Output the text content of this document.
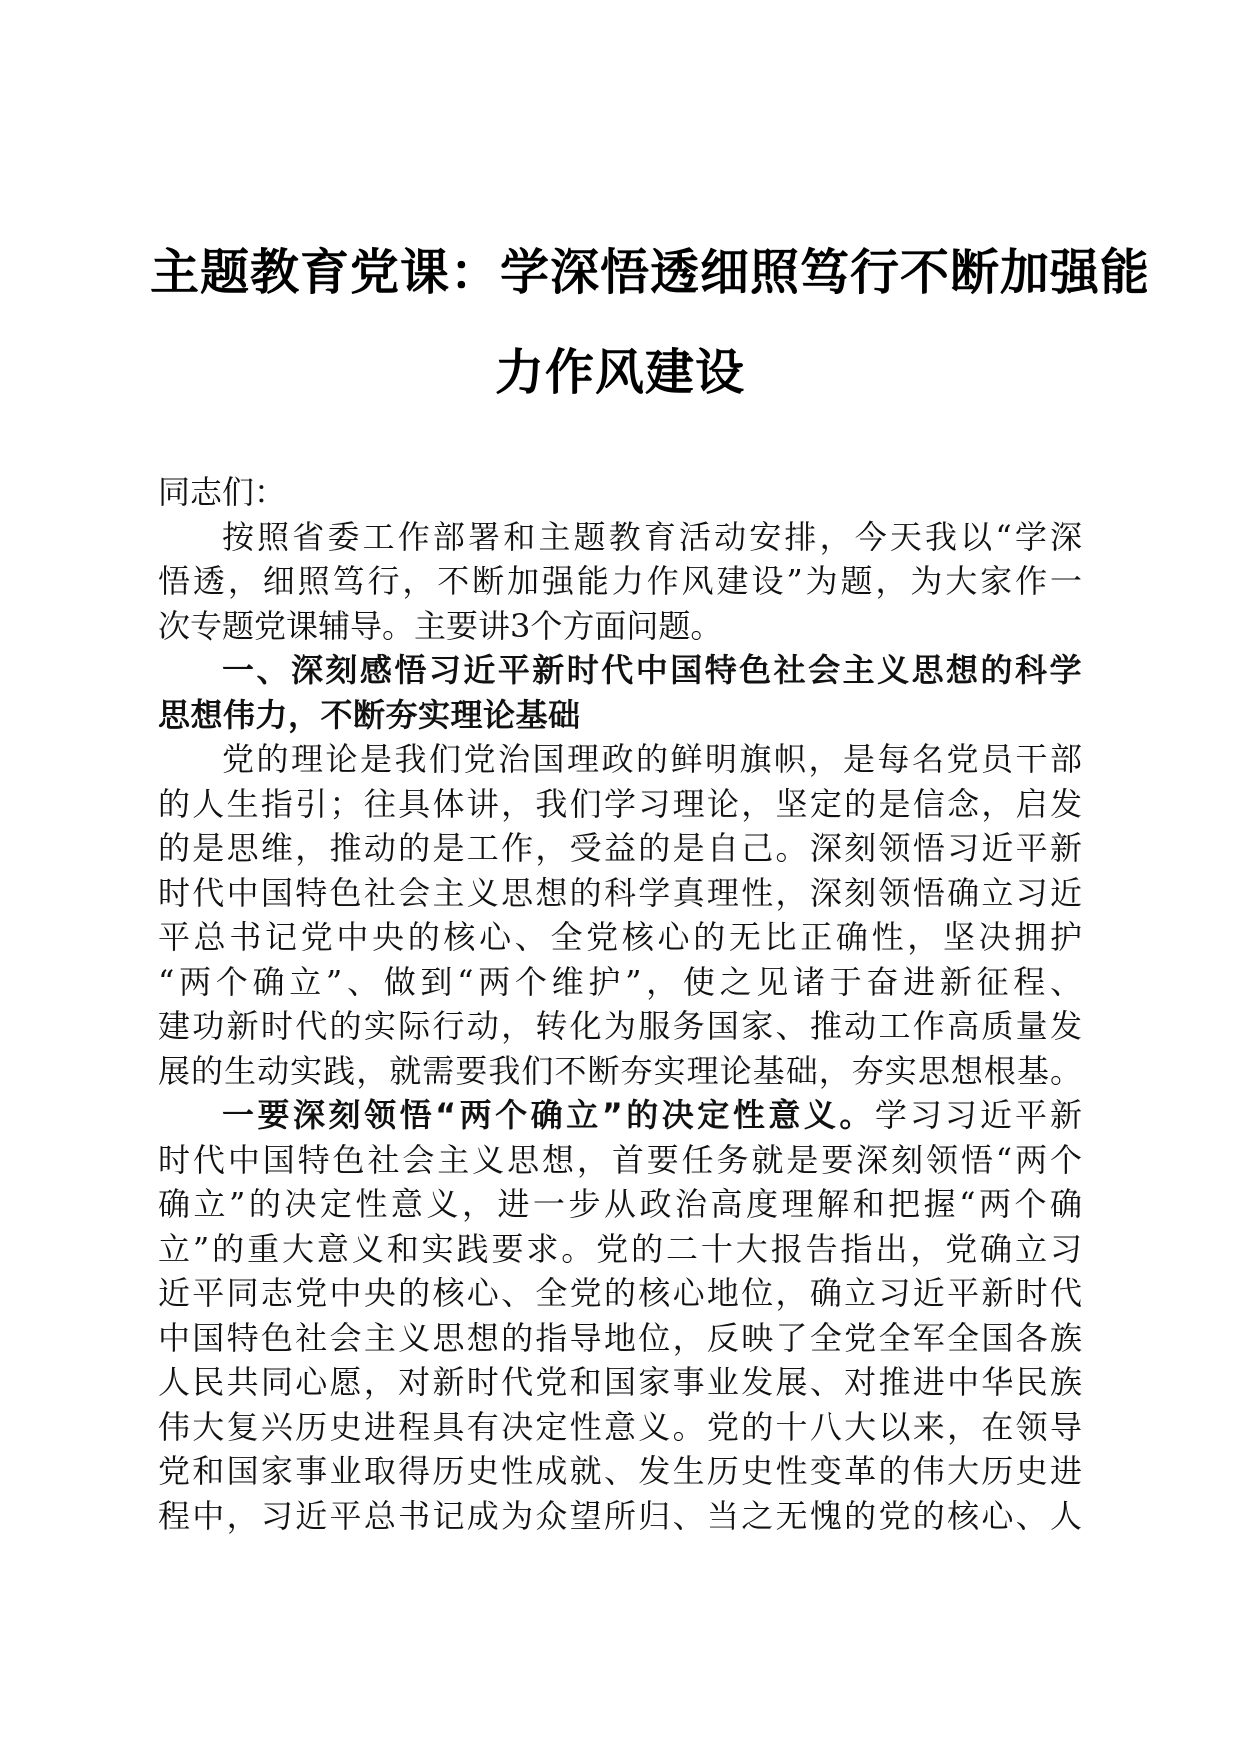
主题教育党课：学深悟透细照笃行不断加强能
力作风建设
同志们：
按照省委工作部署和主题教育活动安排，今天我以“学深
悟透，细照笃行，不断加强能力作风建设”为题，为大家作一
次专题党课辅导。主要讲3个方面问题。
一、深刻感悟习近平新时代中国特色社会主义思想的科学
思想伟力，不断夯实理论基础
党的理论是我们党治国理政的鲜明旗帜，是每名党员干部
的人生指引；往具体讲，我们学习理论，坚定的是信念，启发
的是思维，推动的是工作，受益的是自己。深刻领悟习近平新
时代中国特色社会主义思想的科学真理性，深刻领悟确立习近
平总书记党中央的核心、全党核心的无比正确性，坚决拥护
“两个确立”、做到“两个维护”，使之见诸于奋进新征程、
建功新时代的实际行动，转化为服务国家、推动工作高质量发
展的生动实践，就需要我们不断夯实理论基础，夯实思想根基。
一要深刻领悟“两个确立”的决定性意义。学习习近平新
时代中国特色社会主义思想，首要任务就是要深刻领悟“两个
确立”的决定性意义，进一步从政治高度理解和把握“两个确
立”的重大意义和实践要求。党的二十大报告指出，党确立习
近平同志党中央的核心、全党的核心地位，确立习近平新时代
中国特色社会主义思想的指导地位，反映了全党全军全国各族
人民共同心愿，对新时代党和国家事业发展、对推进中华民族
伟大复兴历史进程具有决定性意义。党的十八大以来，在领导
党和国家事业取得历史性成就、发生历史性变革的伟大历史进
程中，习近平总书记成为众望所归、当之无愧的党的核心、人
